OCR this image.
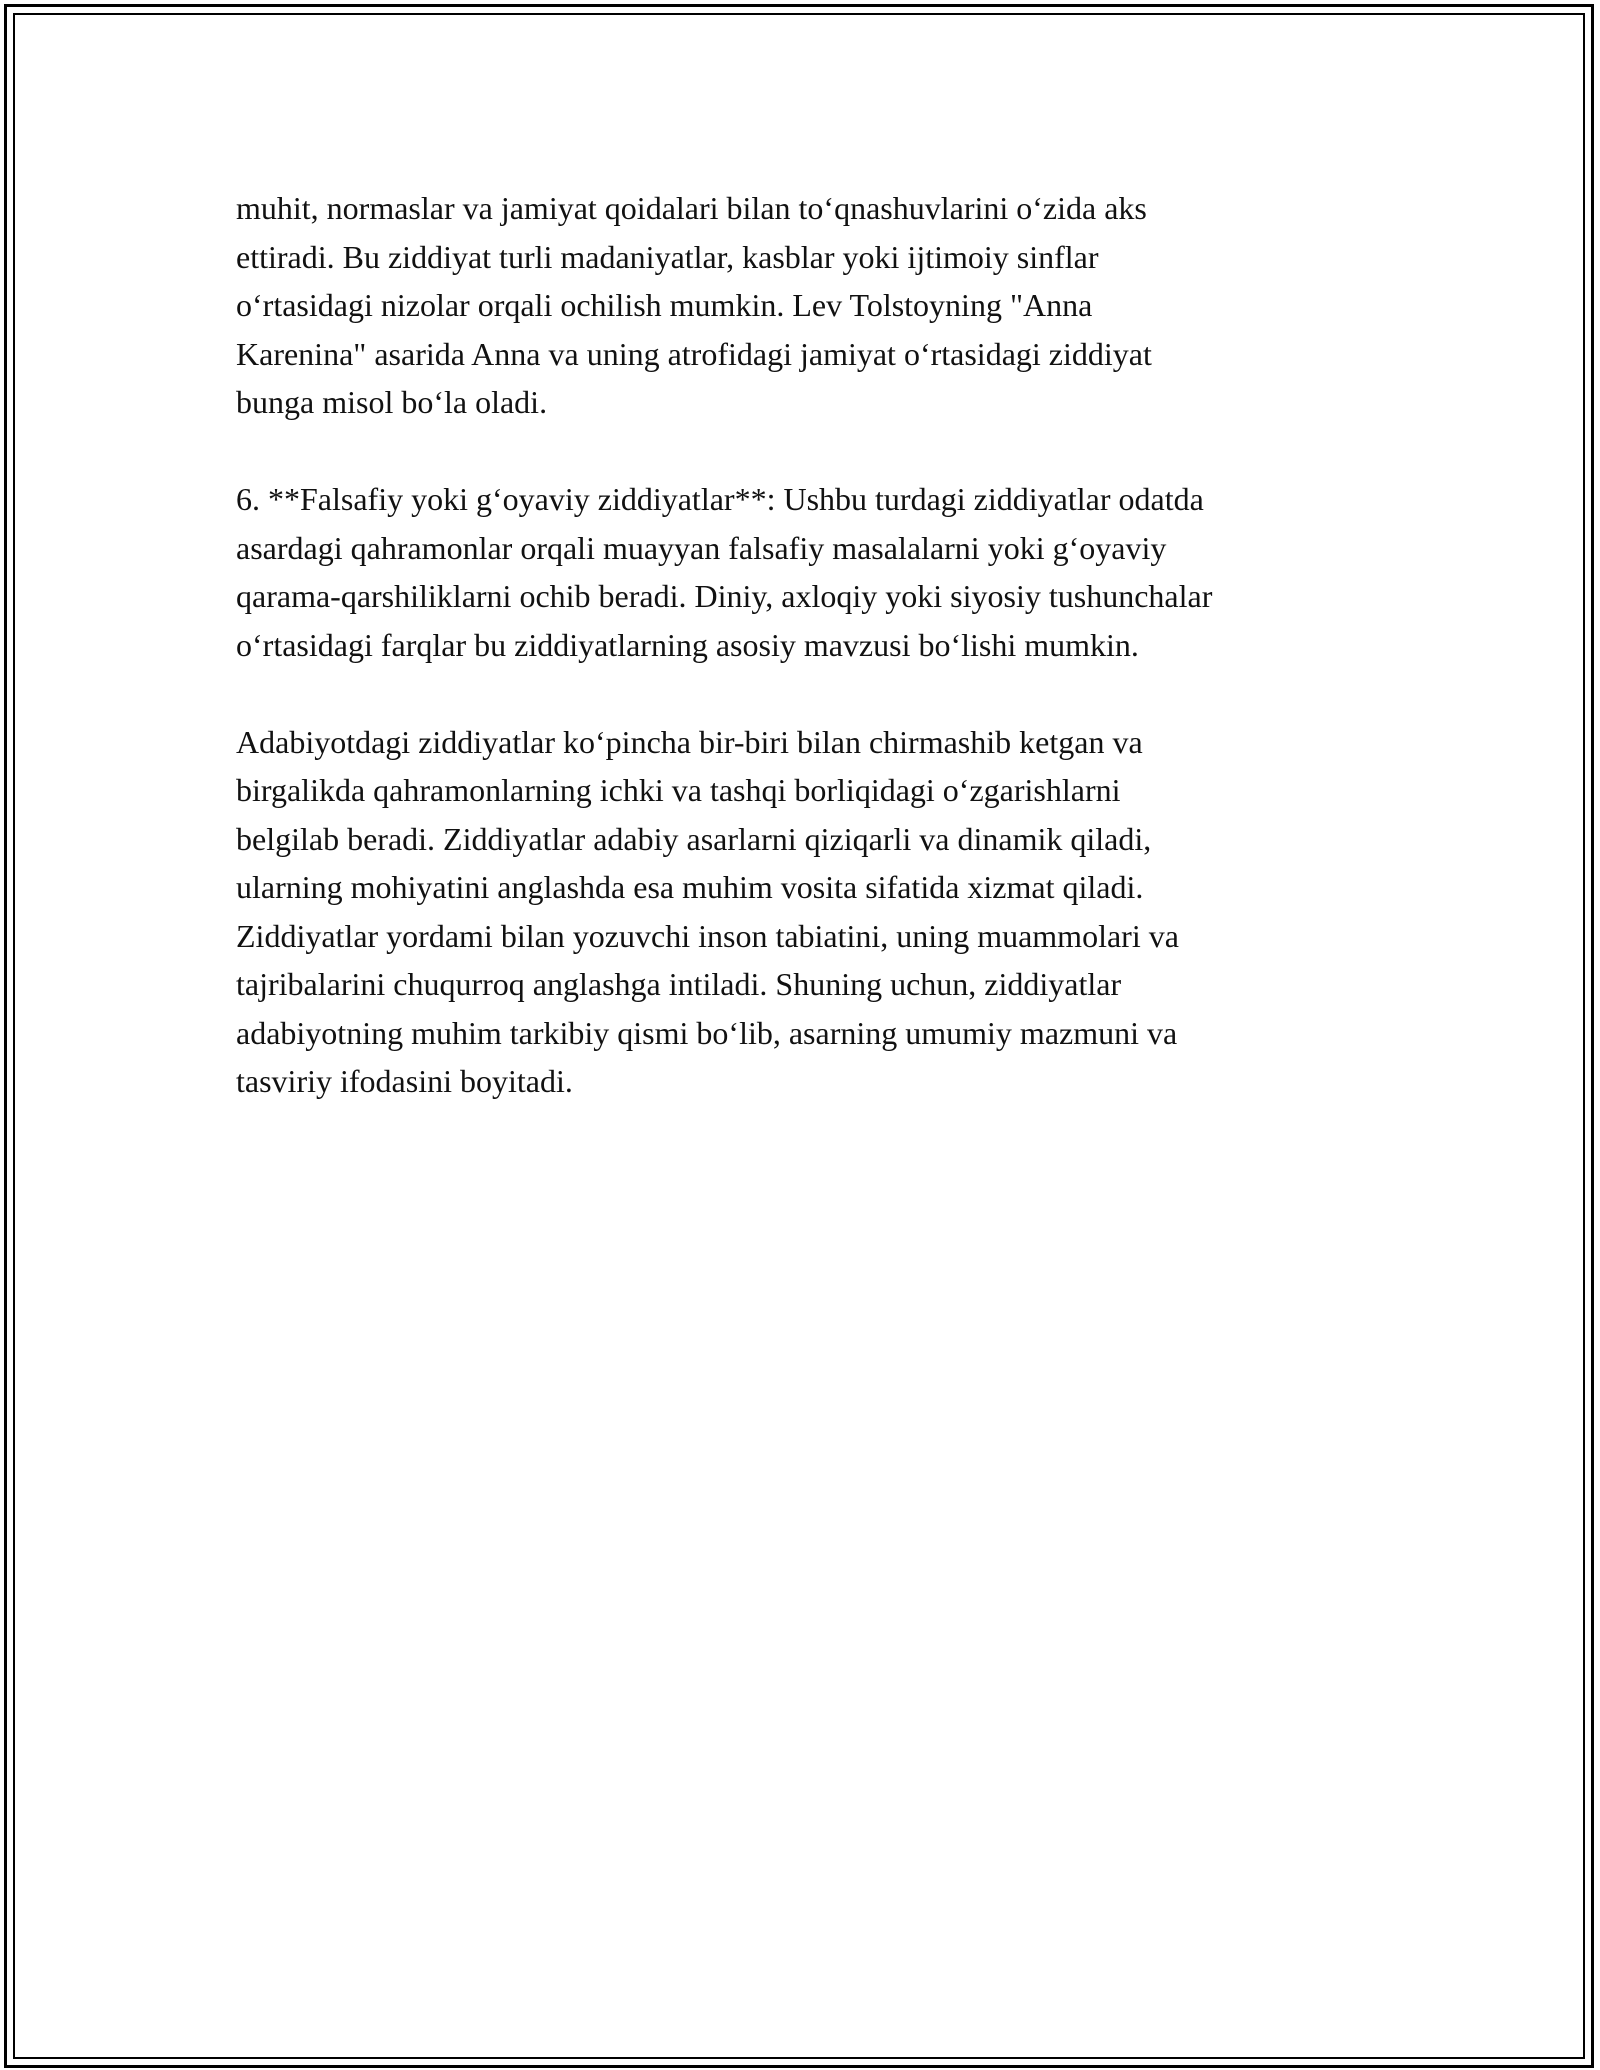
muhit, normaslar va jamiyat qoidalari bilan to‘qnashuvlarini o‘zida aks
ettiradi. Bu ziddiyat turli madaniyatlar, kasblar yoki ijtimoiy sinflar
o‘rtasidagi nizolar orqali ochilish mumkin. Lev Tolstoyning "Anna
Karenina" asarida Anna va uning atrofidagi jamiyat o‘rtasidagi ziddiyat
bunga misol bo‘la oladi.

6. **Falsafiy yoki g‘oyaviy ziddiyatlar**: Ushbu turdagi ziddiyatlar odatda
asardagi qahramonlar orqali muayyan falsafiy masalalarni yoki g‘oyaviy
qarama-qarshiliklarni ochib beradi. Diniy, axloqiy yoki siyosiy tushunchalar
o‘rtasidagi farqlar bu ziddiyatlarning asosiy mavzusi bo‘lishi mumkin.

Adabiyotdagi ziddiyatlar ko‘pincha bir-biri bilan chirmashib ketgan va
birgalikda qahramonlarning ichki va tashqi borliqidagi o‘zgarishlarni
belgilab beradi. Ziddiyatlar adabiy asarlarni qiziqarli va dinamik qiladi,
ularning mohiyatini anglashda esa muhim vosita sifatida xizmat qiladi.
Ziddiyatlar yordami bilan yozuvchi inson tabiatini, uning muammolari va
tajribalarini chuqurroq anglashga intiladi. Shuning uchun, ziddiyatlar
adabiyotning muhim tarkibiy qismi bo‘lib, asarning umumiy mazmuni va
tasviriy ifodasini boyitadi.
